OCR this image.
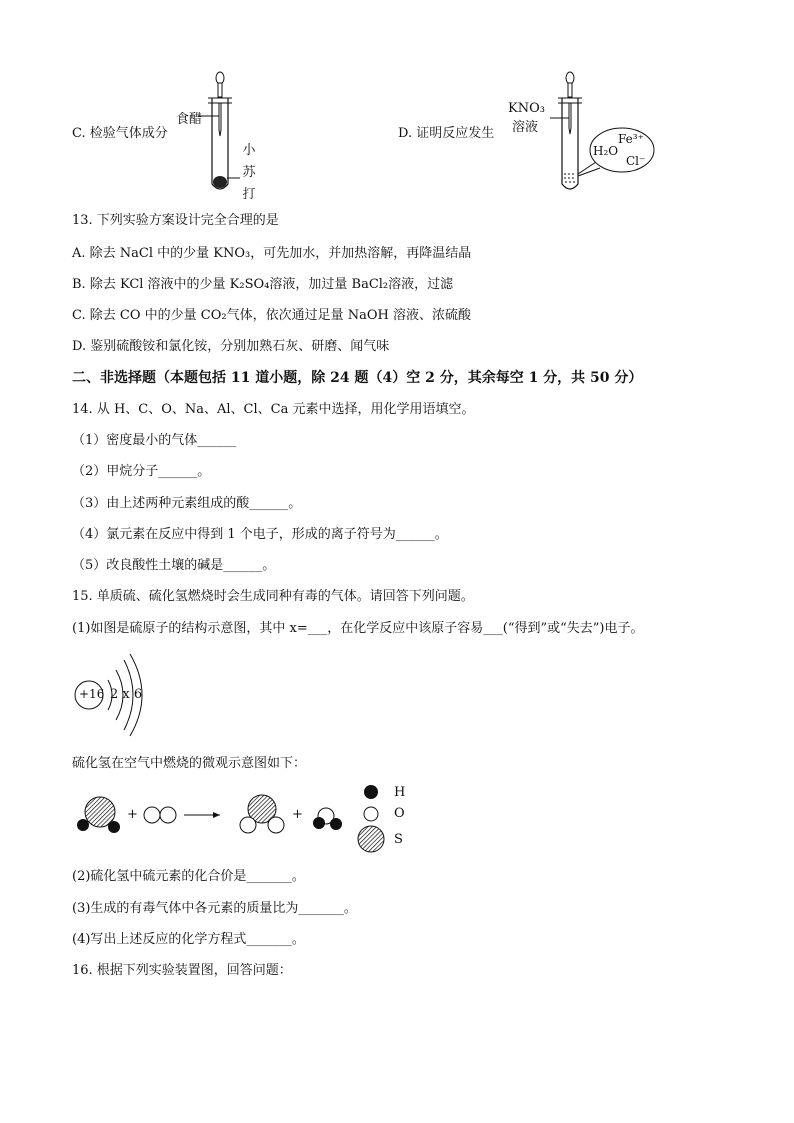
C. 检验气体成分
食醋
小
苏
打
D. 证明反应发生
KNO₃
溶液
H₂O
Fe³⁺
Cl⁻
13. 下列实验方案设计完全合理的是
A. 除去 NaCl 中的少量 KNO₃，可先加水，并加热溶解，再降温结晶
B. 除去 KCl 溶液中的少量 K₂SO₄溶液，加过量 BaCl₂溶液，过滤
C. 除去 CO 中的少量 CO₂气体，依次通过足量 NaOH 溶液、浓硫酸
D. 鉴别硫酸铵和氯化铵，分别加熟石灰、研磨、闻气味
二、非选择题（本题包括 11 道小题，除 24 题（4）空 2 分，其余每空 1 分，共 50 分）
14. 从 H、C、O、Na、Al、Cl、Ca 元素中选择，用化学用语填空。
（1）密度最小的气体______
（2）甲烷分子______。
（3）由上述两种元素组成的酸______。
（4）氯元素在反应中得到 1 个电子，形成的离子符号为______。
（5）改良酸性土壤的碱是______。
15. 单质硫、硫化氢燃烧时会生成同种有毒的气体。请回答下列问题。
(1)如图是硫原子的结构示意图，其中 x=___，在化学反应中该原子容易___(“得到”或“失去”)电子。
+16 2 x 6
硫化氢在空气中燃烧的微观示意图如下：
+	+
H
O
S
(2)硫化氢中硫元素的化合价是_______。
(3)生成的有毒气体中各元素的质量比为_______。
(4)写出上述反应的化学方程式_______。
16. 根据下列实验装置图，回答问题：
